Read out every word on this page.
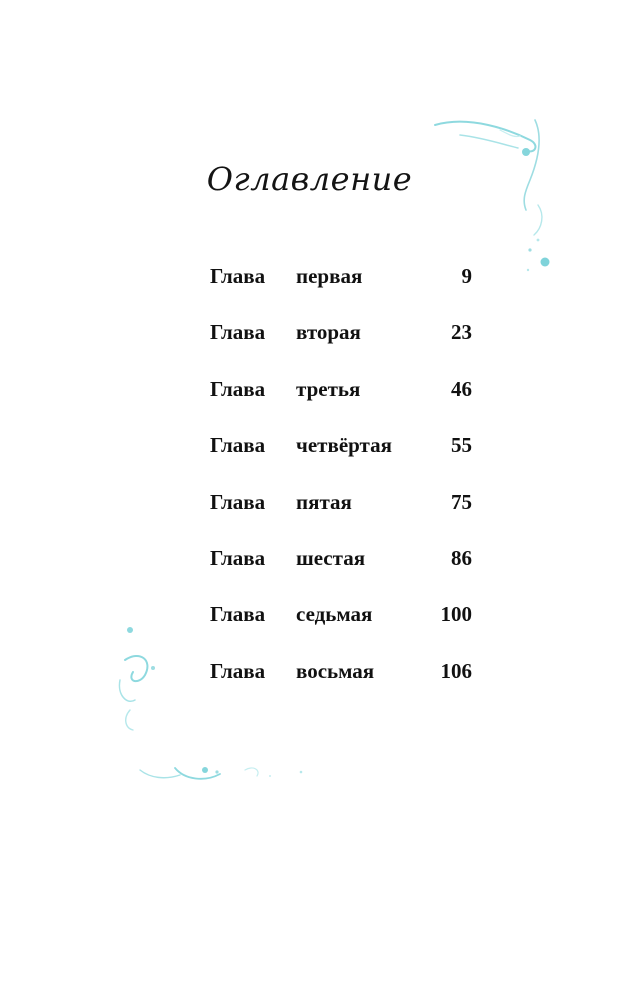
Оглавление
Глава первая	9
Глава вторая	23
Глава третья	46
Глава четвёртая	55
Глава пятая	75
Глава шестая	86
Глава седьмая	100
Глава восьмая	106
